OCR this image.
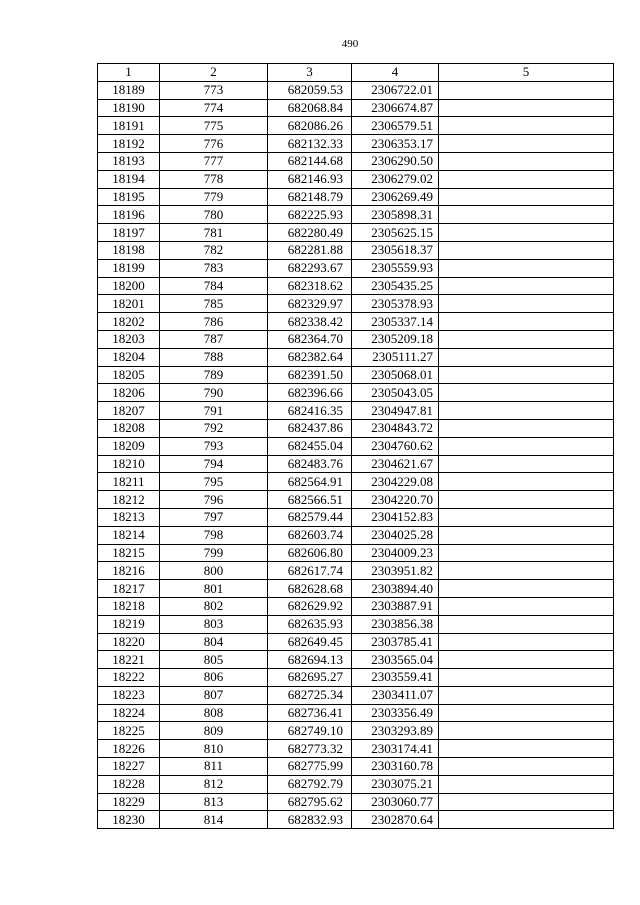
490
1	2	3	4	5
18189	773	682059.53	2306722.01	
18190	774	682068.84	2306674.87	
18191	775	682086.26	2306579.51	
18192	776	682132.33	2306353.17	
18193	777	682144.68	2306290.50	
18194	778	682146.93	2306279.02	
18195	779	682148.79	2306269.49	
18196	780	682225.93	2305898.31	
18197	781	682280.49	2305625.15	
18198	782	682281.88	2305618.37	
18199	783	682293.67	2305559.93	
18200	784	682318.62	2305435.25	
18201	785	682329.97	2305378.93	
18202	786	682338.42	2305337.14	
18203	787	682364.70	2305209.18	
18204	788	682382.64	2305111.27	
18205	789	682391.50	2305068.01	
18206	790	682396.66	2305043.05	
18207	791	682416.35	2304947.81	
18208	792	682437.86	2304843.72	
18209	793	682455.04	2304760.62	
18210	794	682483.76	2304621.67	
18211	795	682564.91	2304229.08	
18212	796	682566.51	2304220.70	
18213	797	682579.44	2304152.83	
18214	798	682603.74	2304025.28	
18215	799	682606.80	2304009.23	
18216	800	682617.74	2303951.82	
18217	801	682628.68	2303894.40	
18218	802	682629.92	2303887.91	
18219	803	682635.93	2303856.38	
18220	804	682649.45	2303785.41	
18221	805	682694.13	2303565.04	
18222	806	682695.27	2303559.41	
18223	807	682725.34	2303411.07	
18224	808	682736.41	2303356.49	
18225	809	682749.10	2303293.89	
18226	810	682773.32	2303174.41	
18227	811	682775.99	2303160.78	
18228	812	682792.79	2303075.21	
18229	813	682795.62	2303060.77	
18230	814	682832.93	2302870.64	
